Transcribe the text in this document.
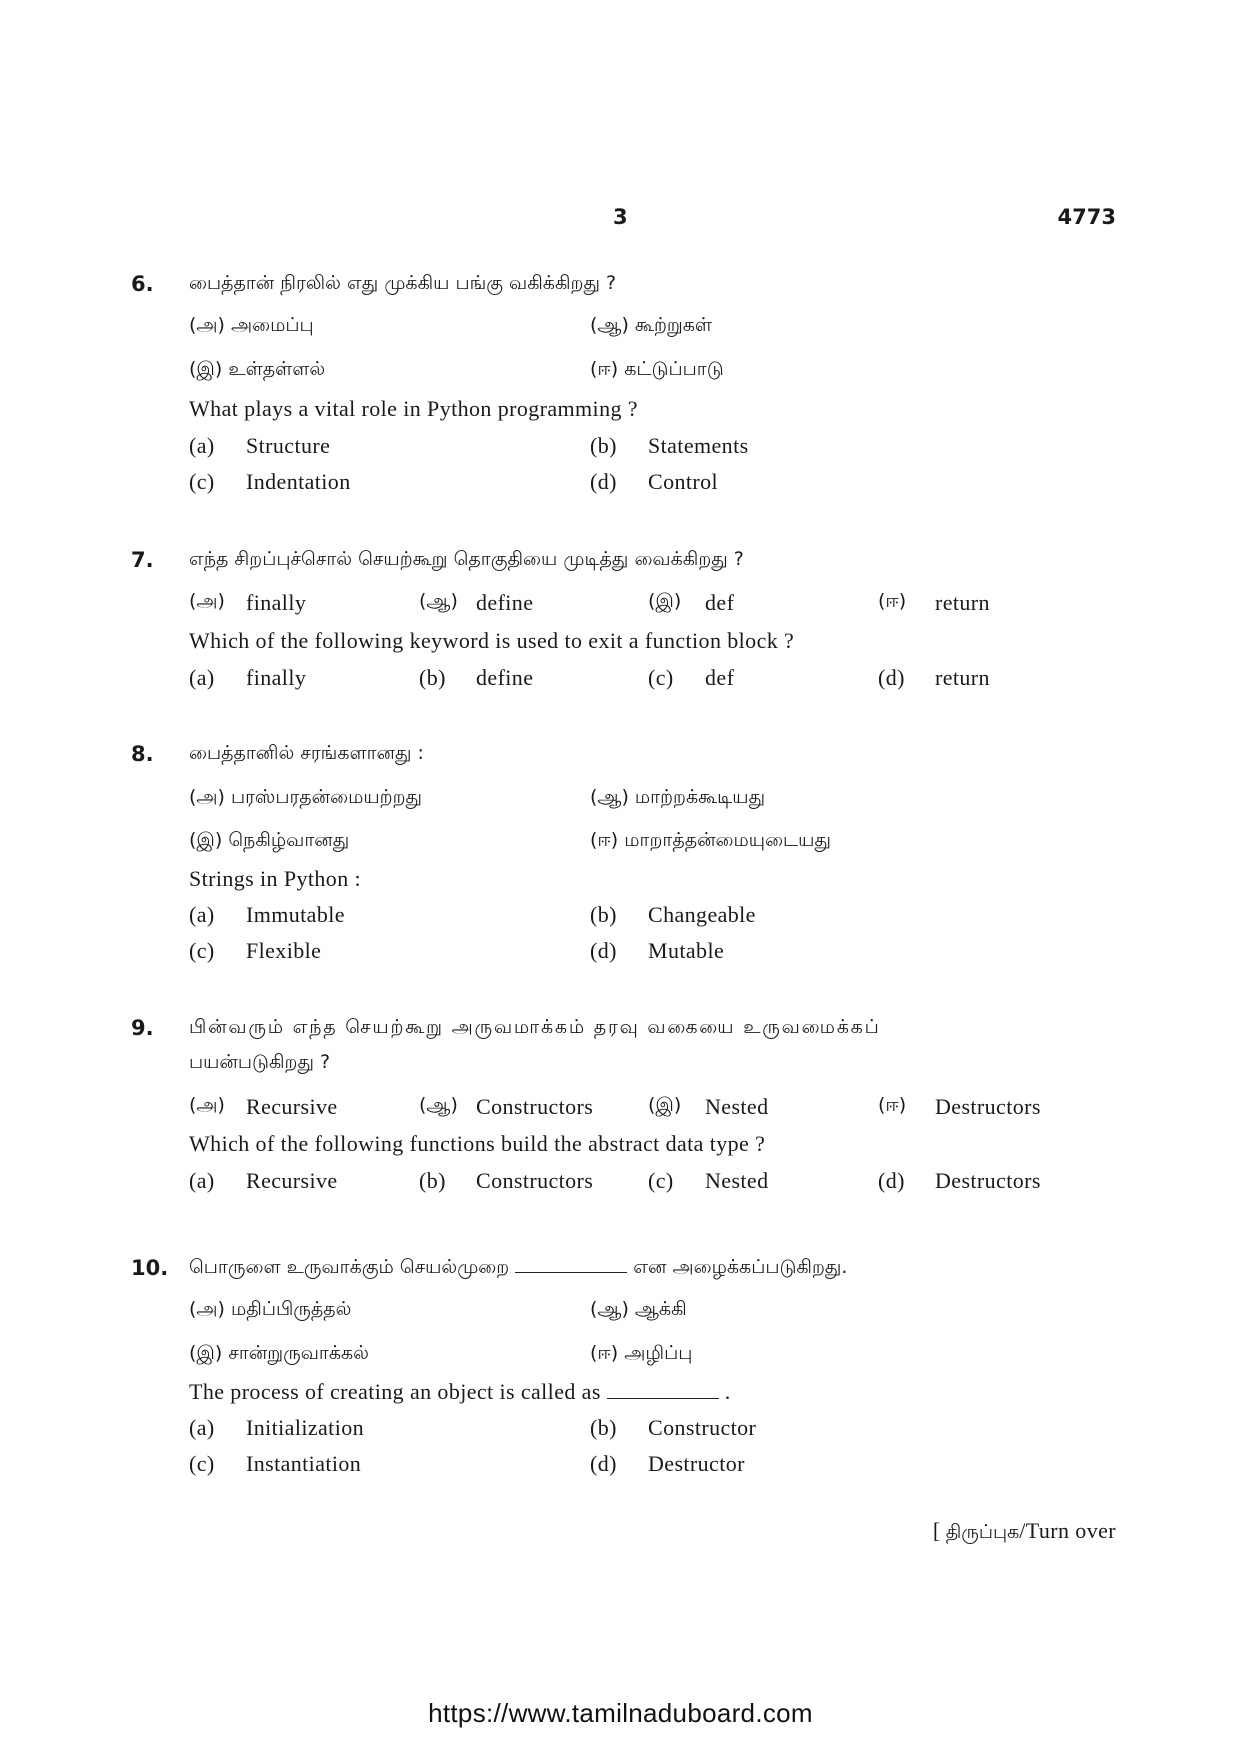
3	4773
6. பைத்தான் நிரலில் எது முக்கிய பங்கு வகிக்கிறது ?
(அ) அமைப்பு	(ஆ) கூற்றுகள்
(இ) உள்தள்ளல்	(ஈ) கட்டுப்பாடு
What plays a vital role in Python programming ?
(a) Structure	(b) Statements
(c) Indentation	(d) Control
7. எந்த சிறப்புச்சொல் செயற்கூறு தொகுதியை முடித்து வைக்கிறது ?
(அ) finally	(ஆ) define	(இ) def	(ஈ) return
Which of the following keyword is used to exit a function block ?
(a) finally	(b) define	(c) def	(d) return
8. பைத்தானில் சரங்களானது :
(அ) பரஸ்பரதன்மையற்றது	(ஆ) மாற்றக்கூடியது
(இ) நெகிழ்வானது	(ஈ) மாறாத்தன்மையுடையது
Strings in Python :
(a) Immutable	(b) Changeable
(c) Flexible	(d) Mutable
9. பின்வரும் எந்த செயற்கூறு அருவமாக்கம் தரவு வகையை உருவமைக்கப்
பயன்படுகிறது ?
(அ) Recursive	(ஆ) Constructors	(இ) Nested	(ஈ) Destructors
Which of the following functions build the abstract data type ?
(a) Recursive	(b) Constructors (c) Nested	(d) Destructors
10. பொருளை உருவாக்கும் செயல்முறை	என அழைக்கப்படுகிறது.
(அ) மதிப்பிருத்தல்	(ஆ) ஆக்கி
(இ) சான்றுருவாக்கல்	(ஈ) அழிப்பு
The process of creating an object is called as	.
(a) Initialization	(b) Constructor
(c) Instantiation	(d) Destructor
[ திருப்புக/Turn over
https://www.tamilnaduboard.com
